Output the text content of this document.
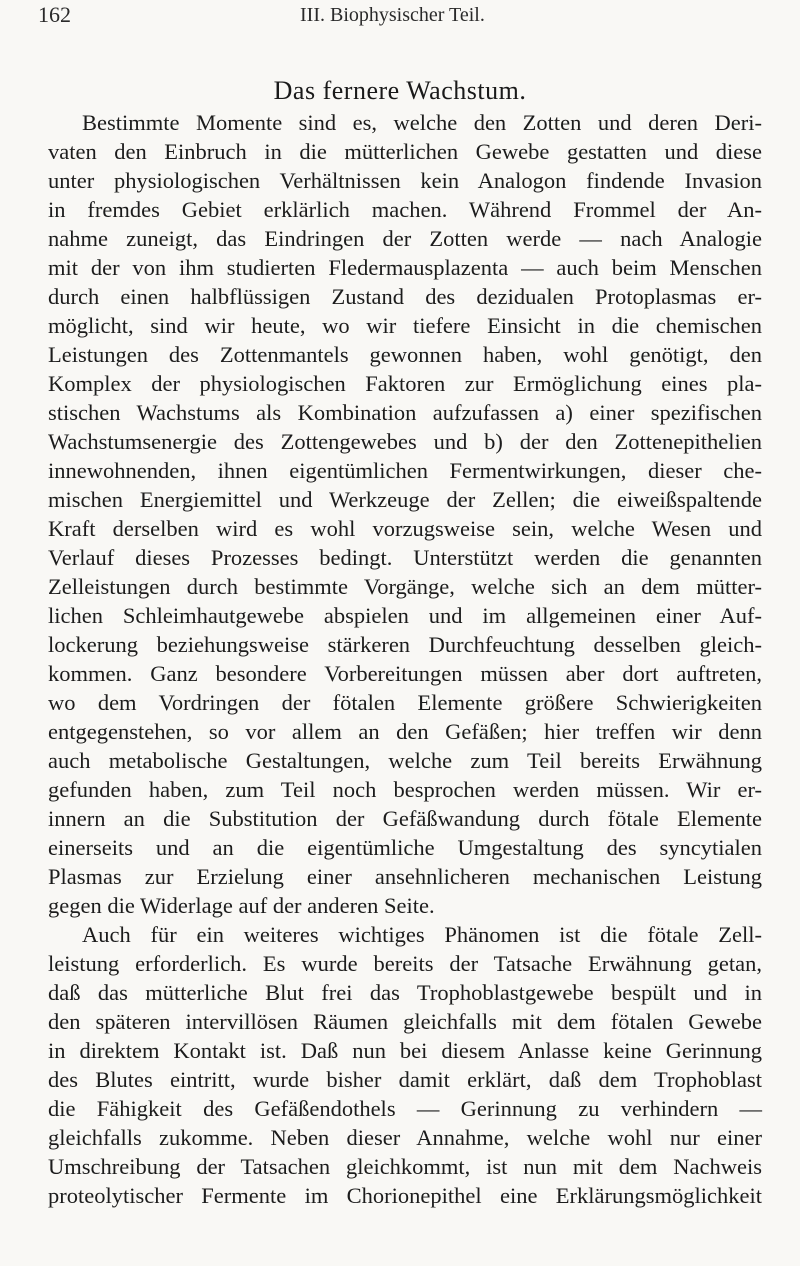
162	III. Biophysischer Teil.
Das fernere Wachstum.
Bestimmte Momente sind es, welche den Zotten und deren Deri-
vaten den Einbruch in die mütterlichen Gewebe gestatten und diese
unter physiologischen Verhältnissen kein Analogon findende Invasion
in fremdes Gebiet erklärlich machen. Während Frommel der An-
nahme zuneigt, das Eindringen der Zotten werde — nach Analogie
mit der von ihm studierten Fledermausplazenta — auch beim Menschen
durch einen halbflüssigen Zustand des dezidualen Protoplasmas er-
möglicht, sind wir heute, wo wir tiefere Einsicht in die chemischen
Leistungen des Zottenmantels gewonnen haben, wohl genötigt, den
Komplex der physiologischen Faktoren zur Ermöglichung eines pla-
stischen Wachstums als Kombination aufzufassen a) einer spezifischen
Wachstumsenergie des Zottengewebes und b) der den Zottenepithelien
innewohnenden, ihnen eigentümlichen Fermentwirkungen, dieser che-
mischen Energiemittel und Werkzeuge der Zellen; die eiweißspaltende
Kraft derselben wird es wohl vorzugsweise sein, welche Wesen und
Verlauf dieses Prozesses bedingt. Unterstützt werden die genannten
Zelleistungen durch bestimmte Vorgänge, welche sich an dem mütter-
lichen Schleimhautgewebe abspielen und im allgemeinen einer Auf-
lockerung beziehungsweise stärkeren Durchfeuchtung desselben gleich-
kommen. Ganz besondere Vorbereitungen müssen aber dort auftreten,
wo dem Vordringen der fötalen Elemente größere Schwierigkeiten
entgegenstehen, so vor allem an den Gefäßen; hier treffen wir denn
auch metabolische Gestaltungen, welche zum Teil bereits Erwähnung
gefunden haben, zum Teil noch besprochen werden müssen. Wir er-
innern an die Substitution der Gefäßwandung durch fötale Elemente
einerseits und an die eigentümliche Umgestaltung des syncytialen
Plasmas zur Erzielung einer ansehnlicheren mechanischen Leistung
gegen die Widerlage auf der anderen Seite.
Auch für ein weiteres wichtiges Phänomen ist die fötale Zell-
leistung erforderlich. Es wurde bereits der Tatsache Erwähnung getan,
daß das mütterliche Blut frei das Trophoblastgewebe bespült und in
den späteren intervillösen Räumen gleichfalls mit dem fötalen Gewebe
in direktem Kontakt ist. Daß nun bei diesem Anlasse keine Gerinnung
des Blutes eintritt, wurde bisher damit erklärt, daß dem Trophoblast
die Fähigkeit des Gefäßendothels — Gerinnung zu verhindern —
gleichfalls zukomme. Neben dieser Annahme, welche wohl nur einer
Umschreibung der Tatsachen gleichkommt, ist nun mit dem Nachweis
proteolytischer Fermente im Chorionepithel eine Erklärungsmöglichkeit
